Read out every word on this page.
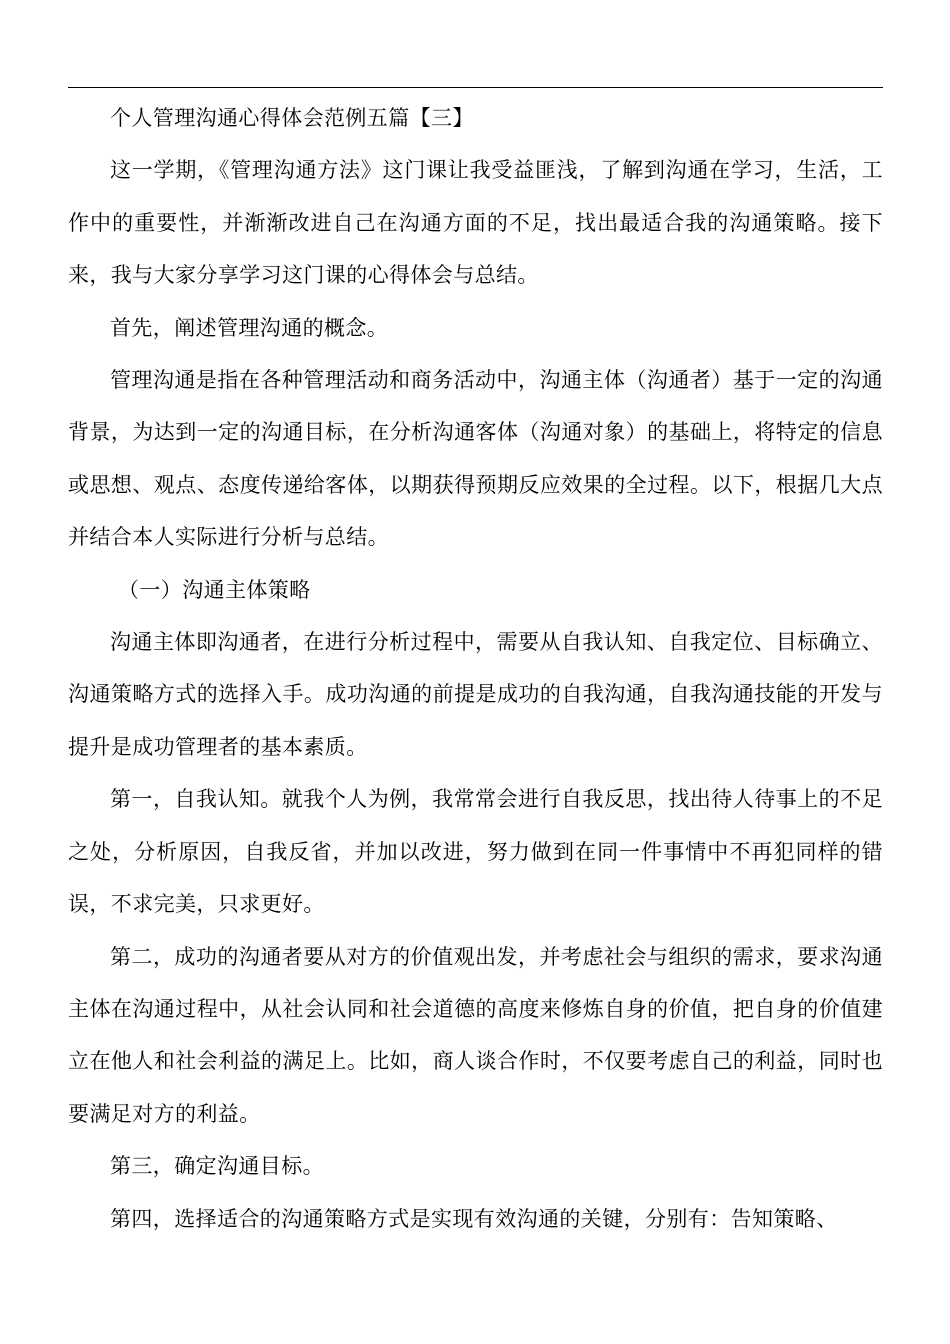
个人管理沟通心得体会范例五篇【三】

这一学期，《管理沟通方法》这门课让我受益匪浅，了解到沟通在学习，生活，工作中的重要性，并渐渐改进自己在沟通方面的不足，找出最适合我的沟通策略。接下来，我与大家分享学习这门课的心得体会与总结。

首先，阐述管理沟通的概念。

管理沟通是指在各种管理活动和商务活动中，沟通主体（沟通者）基于一定的沟通背景，为达到一定的沟通目标，在分析沟通客体（沟通对象）的基础上，将特定的信息或思想、观点、态度传递给客体，以期获得预期反应效果的全过程。以下，根据几大点并结合本人实际进行分析与总结。

（一）沟通主体策略

沟通主体即沟通者，在进行分析过程中，需要从自我认知、自我定位、目标确立、沟通策略方式的选择入手。成功沟通的前提是成功的自我沟通，自我沟通技能的开发与提升是成功管理者的基本素质。

第一，自我认知。就我个人为例，我常常会进行自我反思，找出待人待事上的不足之处，分析原因，自我反省，并加以改进，努力做到在同一件事情中不再犯同样的错误，不求完美，只求更好。

第二，成功的沟通者要从对方的价值观出发，并考虑社会与组织的需求，要求沟通主体在沟通过程中，从社会认同和社会道德的高度来修炼自身的价值，把自身的价值建立在他人和社会利益的满足上。比如，商人谈合作时，不仅要考虑自己的利益，同时也要满足对方的利益。

第三，确定沟通目标。

第四，选择适合的沟通策略方式是实现有效沟通的关键，分别有：告知策略、
